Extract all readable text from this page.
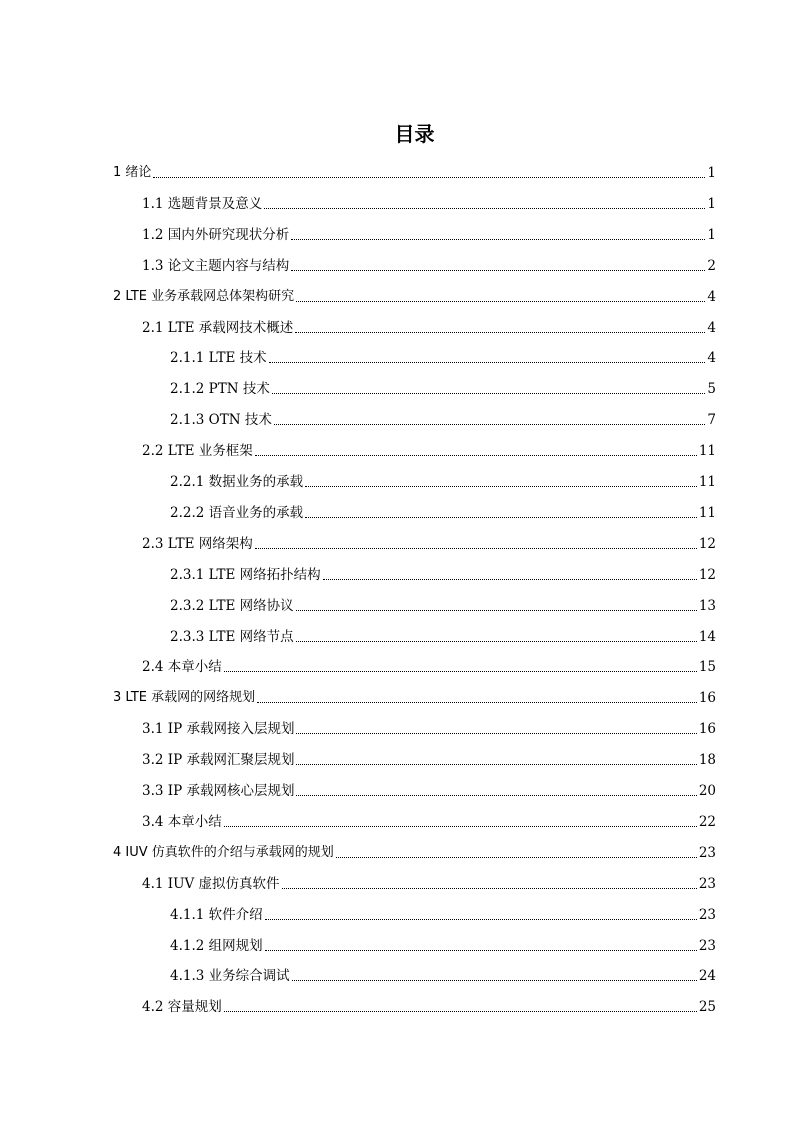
目录
1 绪论	1
1.1 选题背景及意义	1
1.2 国内外研究现状分析	1
1.3 论文主题内容与结构	2
2 LTE 业务承载网总体架构研究	4
2.1 LTE 承载网技术概述	4
2.1.1 LTE 技术	4
2.1.2 PTN 技术	5
2.1.3 OTN 技术	7
2.2 LTE 业务框架	11
2.2.1 数据业务的承载	11
2.2.2 语音业务的承载	11
2.3 LTE 网络架构	12
2.3.1 LTE 网络拓扑结构	12
2.3.2 LTE 网络协议	13
2.3.3 LTE 网络节点	14
2.4 本章小结	15
3 LTE 承载网的网络规划	16
3.1 IP 承载网接入层规划	16
3.2 IP 承载网汇聚层规划	18
3.3 IP 承载网核心层规划	20
3.4 本章小结	22
4 IUV 仿真软件的介绍与承载网的规划	23
4.1 IUV 虚拟仿真软件	23
4.1.1 软件介绍	23
4.1.2 组网规划	23
4.1.3 业务综合调试	24
4.2 容量规划	25
